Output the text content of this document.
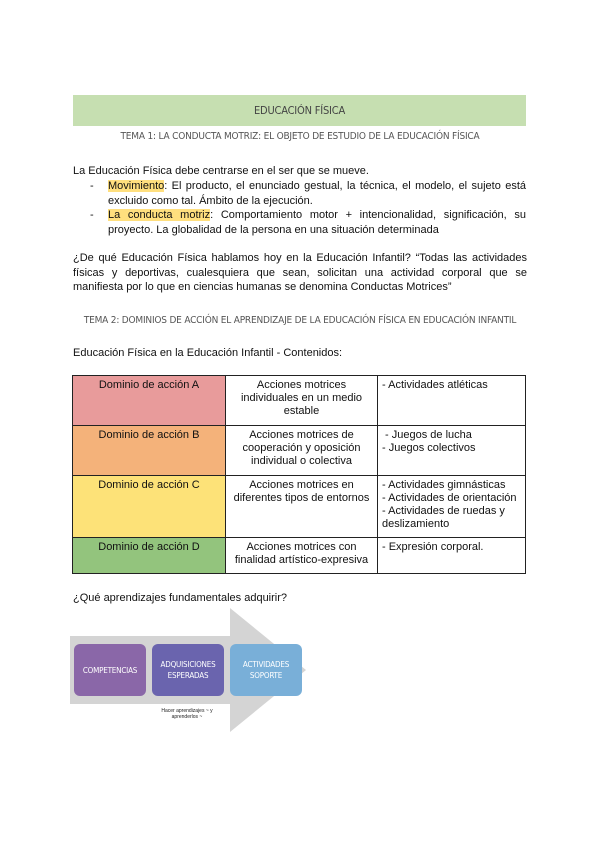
EDUCACIÓN FÍSICA
TEMA 1: LA CONDUCTA MOTRIZ: EL OBJETO DE ESTUDIO DE LA EDUCACIÓN FÍSICA
La Educación Física debe centrarse en el ser que se mueve.
- Movimiento: El producto, el enunciado gestual, la técnica, el modelo, el sujeto está excluido como tal. Ámbito de la ejecución.
- La conducta motriz: Comportamiento motor + intencionalidad, significación, su proyecto. La globalidad de la persona en una situación determinada
¿De qué Educación Física hablamos hoy en la Educación Infantil? “Todas las actividades físicas y deportivas, cualesquiera que sean, solicitan una actividad corporal que se manifiesta por lo que en ciencias humanas se denomina Conductas Motrices”
TEMA 2: DOMINIOS DE ACCIÓN EL APRENDIZAJE DE LA EDUCACIÓN FÍSICA EN EDUCACIÓN INFANTIL
Educación Física en la Educación Infantil - Contenidos:
Dominio de acción A	Acciones motrices individuales en un medio estable	- Actividades atléticas

Dominio de acción B	Acciones motrices de cooperación y oposición individual o colectiva	- Juegos de lucha
- Juegos colectivos

Dominio de acción C	Acciones motrices en diferentes tipos de entornos	- Actividades gimnásticas
- Actividades de orientación
- Actividades de ruedas y deslizamiento

Dominio de acción D	Acciones motrices con finalidad artístico-expresiva	- Expresión corporal.
¿Qué aprendizajes fundamentales adquirir?
COMPETENCIAS
ADQUISICIONES ESPERADAS
ACTIVIDADES SOPORTE
Hacer aprendizajes ~ y aprenderlos ~
